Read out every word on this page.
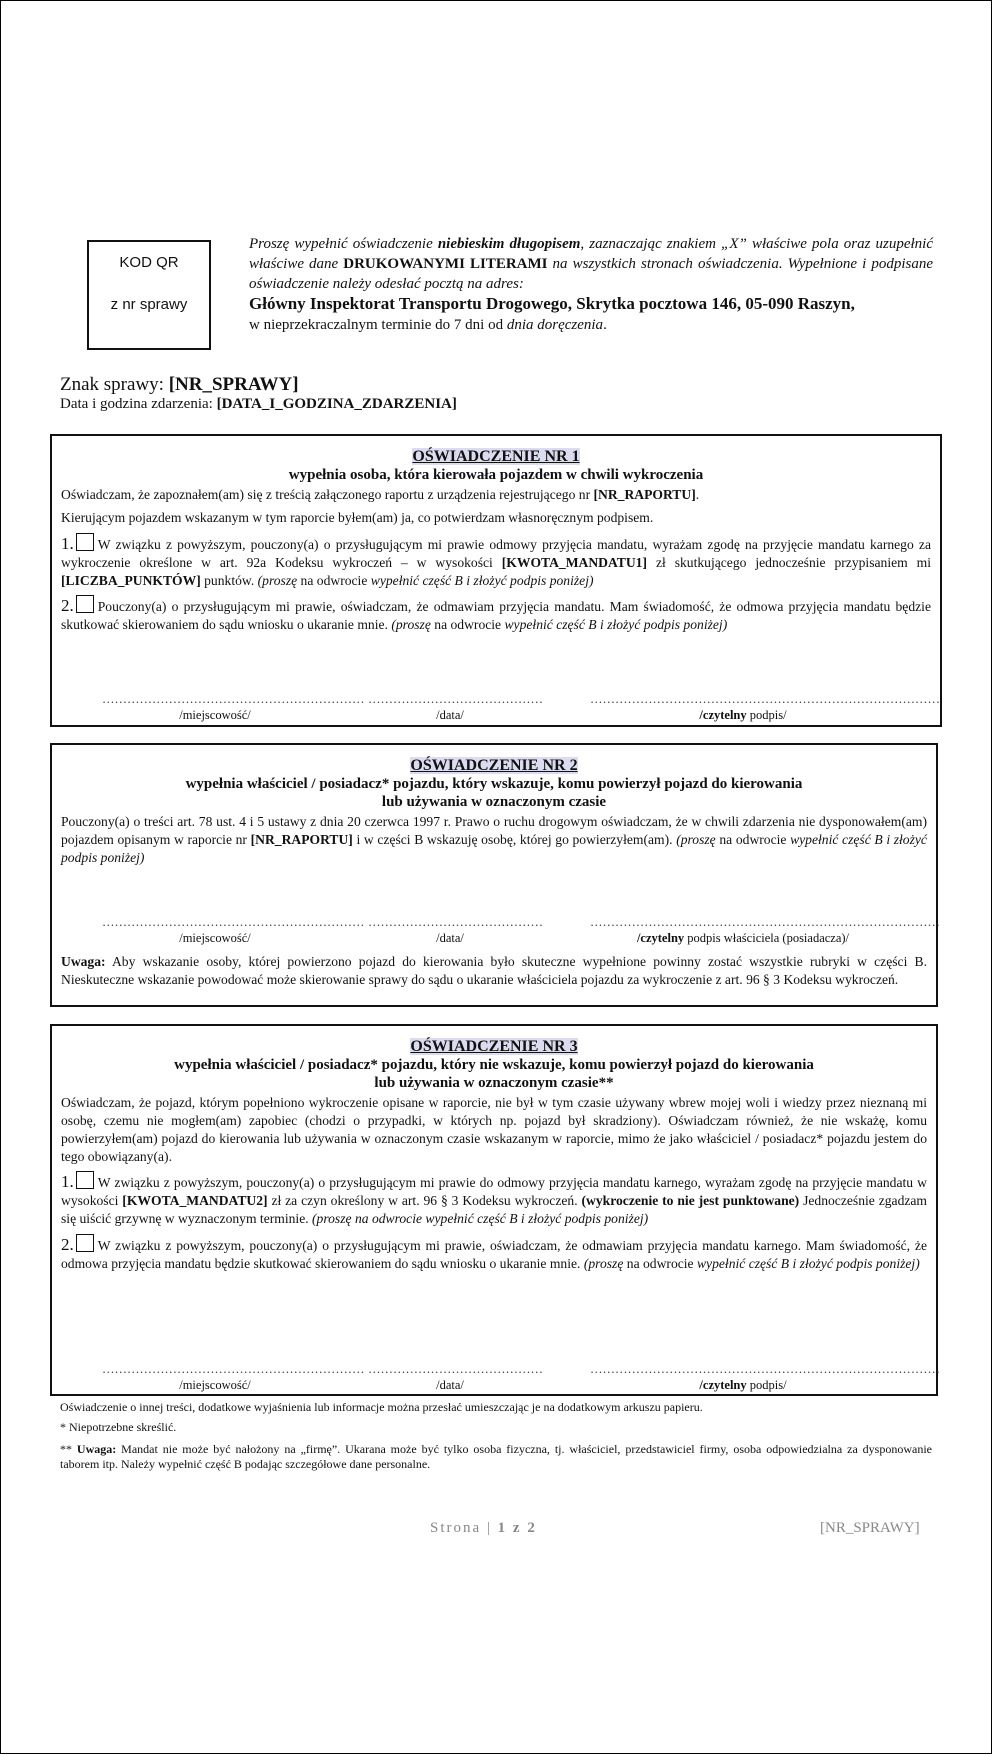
KOD QR
z nr sprawy
Proszę wypełnić oświadczenie niebieskim długopisem, zaznaczając znakiem „X” właściwe pola oraz uzupełnić właściwe dane DRUKOWANYMI LITERAMI na wszystkich stronach oświadczenia. Wypełnione i podpisane oświadczenie należy odesłać pocztą na adres:
Główny Inspektorat Transportu Drogowego, Skrytka pocztowa 146, 05-090 Raszyn,
w nieprzekraczalnym terminie do 7 dni od dnia doręczenia.
Znak sprawy: [NR_SPRAWY]
Data i godzina zdarzenia: [DATA_I_GODZINA_ZDARZENIA]
OŚWIADCZENIE NR 1
wypełnia osoba, która kierowała pojazdem w chwili wykroczenia

Oświadczam, że zapoznałem(am) się z treścią załączonego raportu z urządzenia rejestrującego nr [NR_RAPORTU].

Kierującym pojazdem wskazanym w tym raporcie byłem(am) ja, co potwierdzam własnoręcznym podpisem.

1. W związku z powyższym, pouczony(a) o przysługującym mi prawie odmowy przyjęcia mandatu, wyrażam zgodę na przyjęcie mandatu karnego za wykroczenie określone w art. 92a Kodeksu wykroczeń – w wysokości [KWOTA_MANDATU1] zł skutkującego jednocześnie przypisaniem mi [LICZBA_PUNKTÓW] punktów. (proszę na odwrocie wypełnić część B i złożyć podpis poniżej)

2. Pouczony(a) o przysługującym mi prawie, oświadczam, że odmawiam przyjęcia mandatu. Mam świadomość, że odmowa przyjęcia mandatu będzie skutkować skierowaniem do sądu wniosku o ukaranie mnie. (proszę na odwrocie wypełnić część B i złożyć podpis poniżej)

……………………………………………………… ……………………………………	…………………………………………………………………………
/miejscowość/	/data/	/czytelny podpis/
OŚWIADCZENIE NR 2
wypełnia właściciel / posiadacz* pojazdu, który wskazuje, komu powierzył pojazd do kierowania
lub używania w oznaczonym czasie

Pouczony(a) o treści art. 78 ust. 4 i 5 ustawy z dnia 20 czerwca 1997 r. Prawo o ruchu drogowym oświadczam, że w chwili zdarzenia nie dysponowałem(am) pojazdem opisanym w raporcie nr [NR_RAPORTU] i w części B wskazuję osobę, której go powierzyłem(am). (proszę na odwrocie wypełnić część B i złożyć podpis poniżej)

……………………………………………………… ……………………………………	…………………………………………………………………………
/miejscowość/	/data/	/czytelny podpis właściciela (posiadacza)/

Uwaga: Aby wskazanie osoby, której powierzono pojazd do kierowania było skuteczne wypełnione powinny zostać wszystkie rubryki w części B. Nieskuteczne wskazanie powodować może skierowanie sprawy do sądu o ukaranie właściciela pojazdu za wykroczenie z art. 96 § 3 Kodeksu wykroczeń.

OŚWIADCZENIE NR 3
wypełnia właściciel / posiadacz* pojazdu, który nie wskazuje, komu powierzył pojazd do kierowania
lub używania w oznaczonym czasie**

Oświadczam, że pojazd, którym popełniono wykroczenie opisane w raporcie, nie był w tym czasie używany wbrew mojej woli i wiedzy przez nieznaną mi osobę, czemu nie mogłem(am) zapobiec (chodzi o przypadki, w których np. pojazd był skradziony). Oświadczam również, że nie wskażę, komu powierzyłem(am) pojazd do kierowania lub używania w oznaczonym czasie wskazanym w raporcie, mimo że jako właściciel / posiadacz* pojazdu jestem do tego obowiązany(a).

1. W związku z powyższym, pouczony(a) o przysługującym mi prawie do odmowy przyjęcia mandatu karnego, wyrażam zgodę na przyjęcie mandatu w wysokości [KWOTA_MANDATU2] zł za czyn określony w art. 96 § 3 Kodeksu wykroczeń. (wykroczenie to nie jest punktowane) Jednocześnie zgadzam się uiścić grzywnę w wyznaczonym terminie. (proszę na odwrocie wypełnić część B i złożyć podpis poniżej)

2. W związku z powyższym, pouczony(a) o przysługującym mi prawie, oświadczam, że odmawiam przyjęcia mandatu karnego. Mam świadomość, że odmowa przyjęcia mandatu będzie skutkować skierowaniem do sądu wniosku o ukaranie mnie. (proszę na odwrocie wypełnić część B i złożyć podpis poniżej)

……………………………………………………… ……………………………………	…………………………………………………………………………
/miejscowość/	/data/	/czytelny podpis/
Oświadczenie o innej treści, dodatkowe wyjaśnienia lub informacje można przesłać umieszczając je na dodatkowym arkuszu papieru.
* Niepotrzebne skreślić.
** Uwaga: Mandat nie może być nałożony na „firmę”. Ukarana może być tylko osoba fizyczna, tj. właściciel, przedstawiciel firmy, osoba odpowiedzialna za dysponowanie taborem itp. Należy wypełnić część B podając szczegółowe dane personalne.
Strona | 1 z 2	[NR_SPRAWY]
